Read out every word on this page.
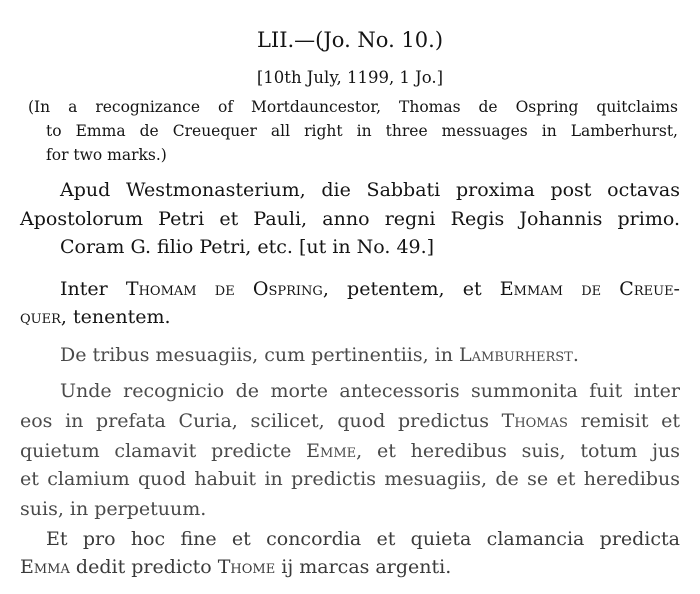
LII.—(Jo. No. 10.)
[10th July, 1199, 1 Jo.]
(In a recognizance of Mortdauncestor, Thomas de Ospring quitclaims
to Emma de Creuequer all right in three messuages in Lamberhurst,
for two marks.)
Apud Westmonasterium, die Sabbati proxima post octavas
Apostolorum Petri et Pauli, anno regni Regis Johannis primo.
Coram G. filio Petri, etc. [ut in No. 49.]
Inter Thomam de Ospring, petentem, et Emmam de Creue-
quer, tenentem.
De tribus mesuagiis, cum pertinentiis, in Lamburherst.
Unde recognicio de morte antecessoris summonita fuit inter
eos in prefata Curia, scilicet, quod predictus Thomas remisit et
quietum clamavit predicte Emme, et heredibus suis, totum jus
et clamium quod habuit in predictis mesuagiis, de se et heredibus
suis, in perpetuum.
Et pro hoc fine et concordia et quieta clamancia predicta
Emma dedit predicto Thome ij marcas argenti.
